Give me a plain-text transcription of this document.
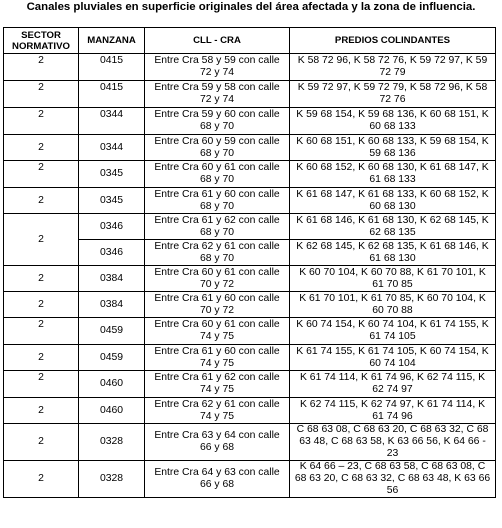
Canales pluviales en superficie originales del área afectada y la zona de influencia.
SECTOR NORMATIVO	MANZANA	CLL - CRA	PREDIOS COLINDANTES
2	0415	Entre Cra 58 y 59 con calle 72 y 74	K 58 72 96, K 58 72 76, K 59 72 97, K 59 72 79
2	0415	Entre Cra 59 y 58 con calle 72 y 74	K 59 72 97, K 59 72 79, K 58 72 96, K 58 72 76
2	0344	Entre Cra 59 y 60 con calle 68 y 70	K 59 68 154, K 59 68 136, K 60 68 151, K 60 68 133
2	0344	Entre Cra 60 y 59 con calle 68 y 70	K 60 68 151, K 60 68 133, K 59 68 154, K 59 68 136
2	0345	Entre Cra 60 y 61 con calle 68 y 70	K 60 68 152, K 60 68 130, K 61 68 147, K 61 68 133
2	0345	Entre Cra 61 y 60 con calle 68 y 70	K 61 68 147, K 61 68 133, K 60 68 152, K 60 68 130
2	0346	Entre Cra 61 y 62 con calle 68 y 70	K 61 68 146, K 61 68 130, K 62 68 145, K 62 68 135
	0346	Entre Cra 62 y 61 con calle 68 y 70	K 62 68 145, K 62 68 135, K 61 68 146, K 61 68 130
2	0384	Entre Cra 60 y 61 con calle 70 y 72	K 60 70 104, K 60 70 88, K 61 70 101, K 61 70 85
2	0384	Entre Cra 61 y 60 con calle 70 y 72	K 61 70 101, K 61 70 85, K 60 70 104, K 60 70 88
2	0459	Entre Cra 60 y 61 con calle 74 y 75	K 60 74 154, K 60 74 104, K 61 74 155, K 61 74 105
2	0459	Entre Cra 61 y 60 con calle 74 y 75	K 61 74 155, K 61 74 105, K 60 74 154, K 60 74 104
2	0460	Entre Cra 61 y 62 con calle 74 y 75	K 61 74 114, K 61 74 96, K 62 74 115, K 62 74 97
2	0460	Entre Cra 62 y 61 con calle 74 y 75	K 62 74 115, K 62 74 97, K 61 74 114, K 61 74 96
2	0328	Entre Cra 63 y 64 con calle 66 y 68	C 68 63 08, C 68 63 20, C 68 63 32, C 68 63 48, C 68 63 58, K 63 66 56, K 64 66 - 23
2	0328	Entre Cra 64 y 63 con calle 66 y 68	K 64 66 – 23, C 68 63 58, C 68 63 08, C 68 63 20, C 68 63 32, C 68 63 48, K 63 66 56
